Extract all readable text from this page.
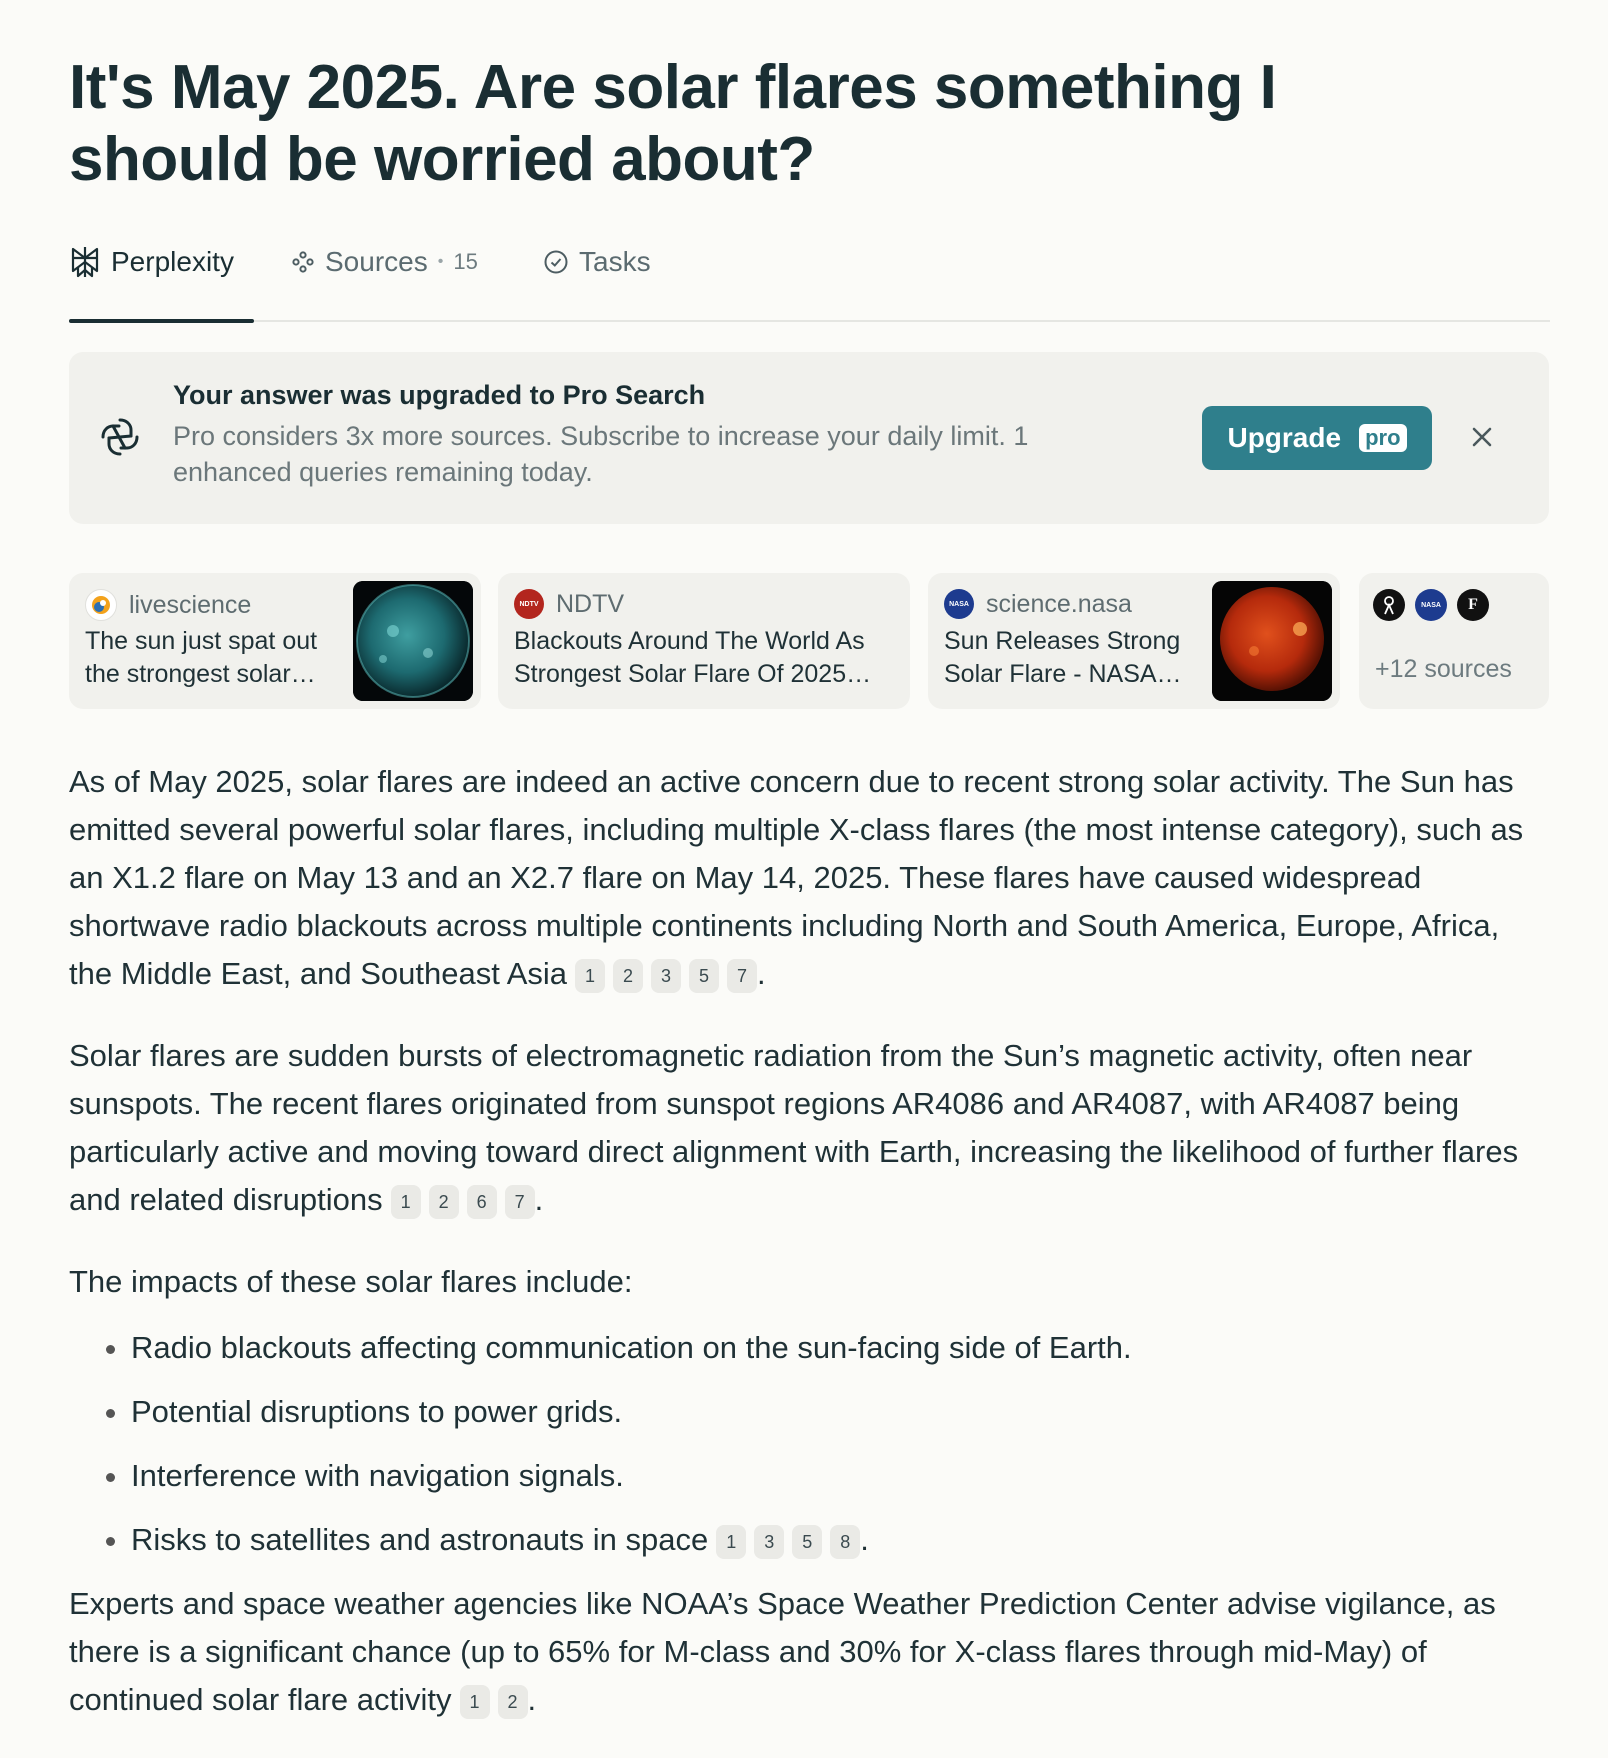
It's May 2025. Are solar flares something I should be worried about?
Perplexity	Sources • 15	Tasks
Your answer was upgraded to Pro Search
Pro considers 3x more sources. Subscribe to increase your daily limit. 1 enhanced queries remaining today.
Upgrade pro
livescience
The sun just spat out
the strongest solar…
NDTV NDTV
Blackouts Around The World As
Strongest Solar Flare Of 2025…
NASA science.nasa
Sun Releases Strong
Solar Flare - NASA…
NASA	F
+12 sources

As of May 2025, solar flares are indeed an active concern due to recent strong solar activity. The Sun has emitted several powerful solar flares, including multiple X-class flares (the most intense category), such as an X1.2 flare on May 13 and an X2.7 flare on May 14, 2025. These flares have caused widespread shortwave radio blackouts across multiple continents including North and South America, Europe, Africa, the Middle East, and Southeast Asia 1 2 3 5 7 .

Solar flares are sudden bursts of electromagnetic radiation from the Sun’s magnetic activity, often near sunspots. The recent flares originated from sunspot regions AR4086 and AR4087, with AR4087 being particularly active and moving toward direct alignment with Earth, increasing the likelihood of further flares and related disruptions 1 2 6 7 .

The impacts of these solar flares include:

• Radio blackouts affecting communication on the sun-facing side of Earth.
• Potential disruptions to power grids.
• Interference with navigation signals.
• Risks to satellites and astronauts in space 1 3 5 8 .

Experts and space weather agencies like NOAA’s Space Weather Prediction Center advise vigilance, as there is a significant chance (up to 65% for M-class and 30% for X-class flares through mid-May) of continued solar flare activity 1 2 .
